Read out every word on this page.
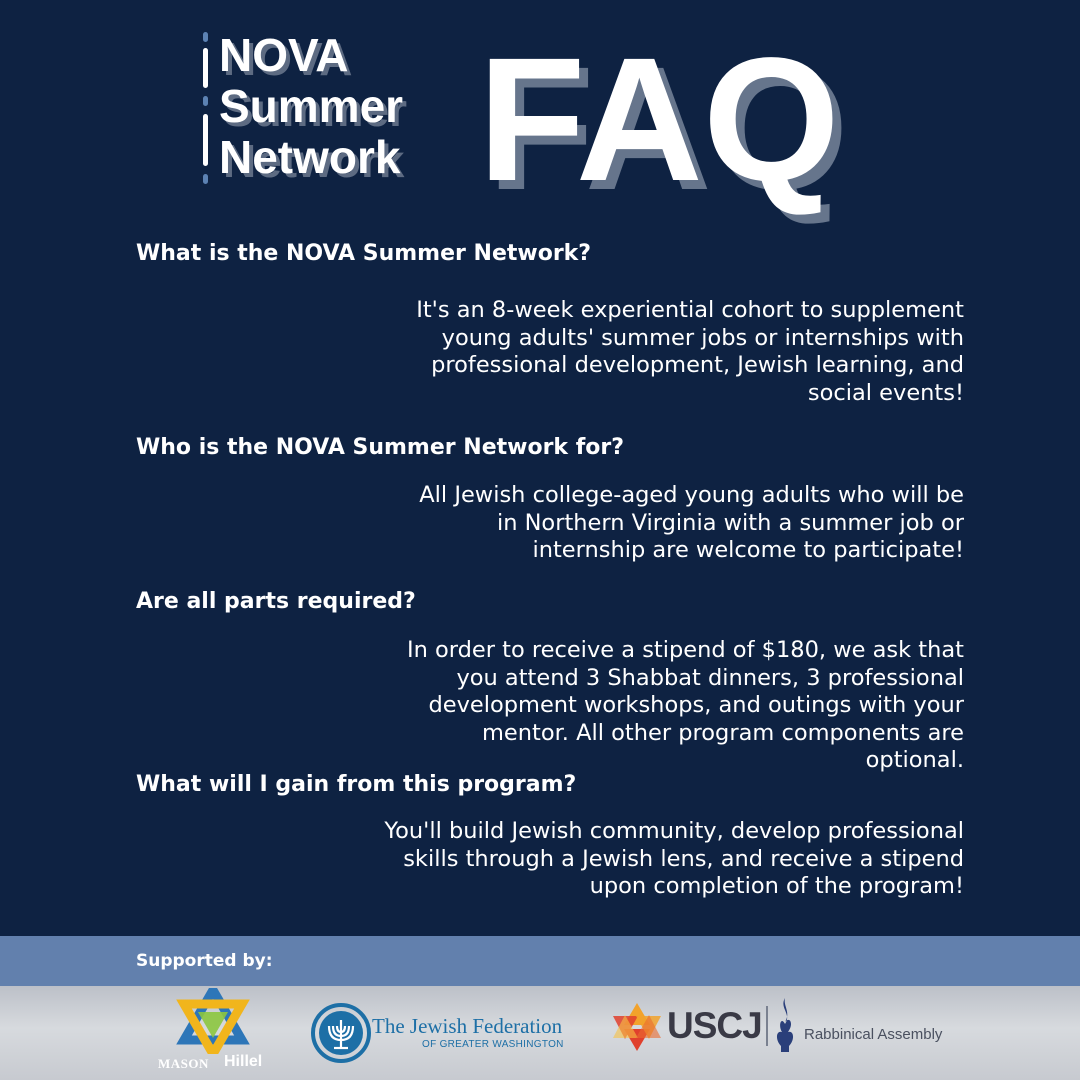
NOVA
Summer
Network FAQ
What is the NOVA Summer Network?
It's an 8-week experiential cohort to supplement
young adults' summer jobs or internships with
professional development, Jewish learning, and
social events!
Who is the NOVA Summer Network for?
All Jewish college-aged young adults who will be
in Northern Virginia with a summer job or
internship are welcome to participate!
Are all parts required?
In order to receive a stipend of $180, we ask that
you attend 3 Shabbat dinners, 3 professional
development workshops, and outings with your
mentor. All other program components are
optional.
What will I gain from this program?
You'll build Jewish community, develop professional
skills through a Jewish lens, and receive a stipend
upon completion of the program!
Supported by:
MASON Hillel
The Jewish Federation
OF GREATER WASHINGTON	USCJ	Rabbinical Assembly
